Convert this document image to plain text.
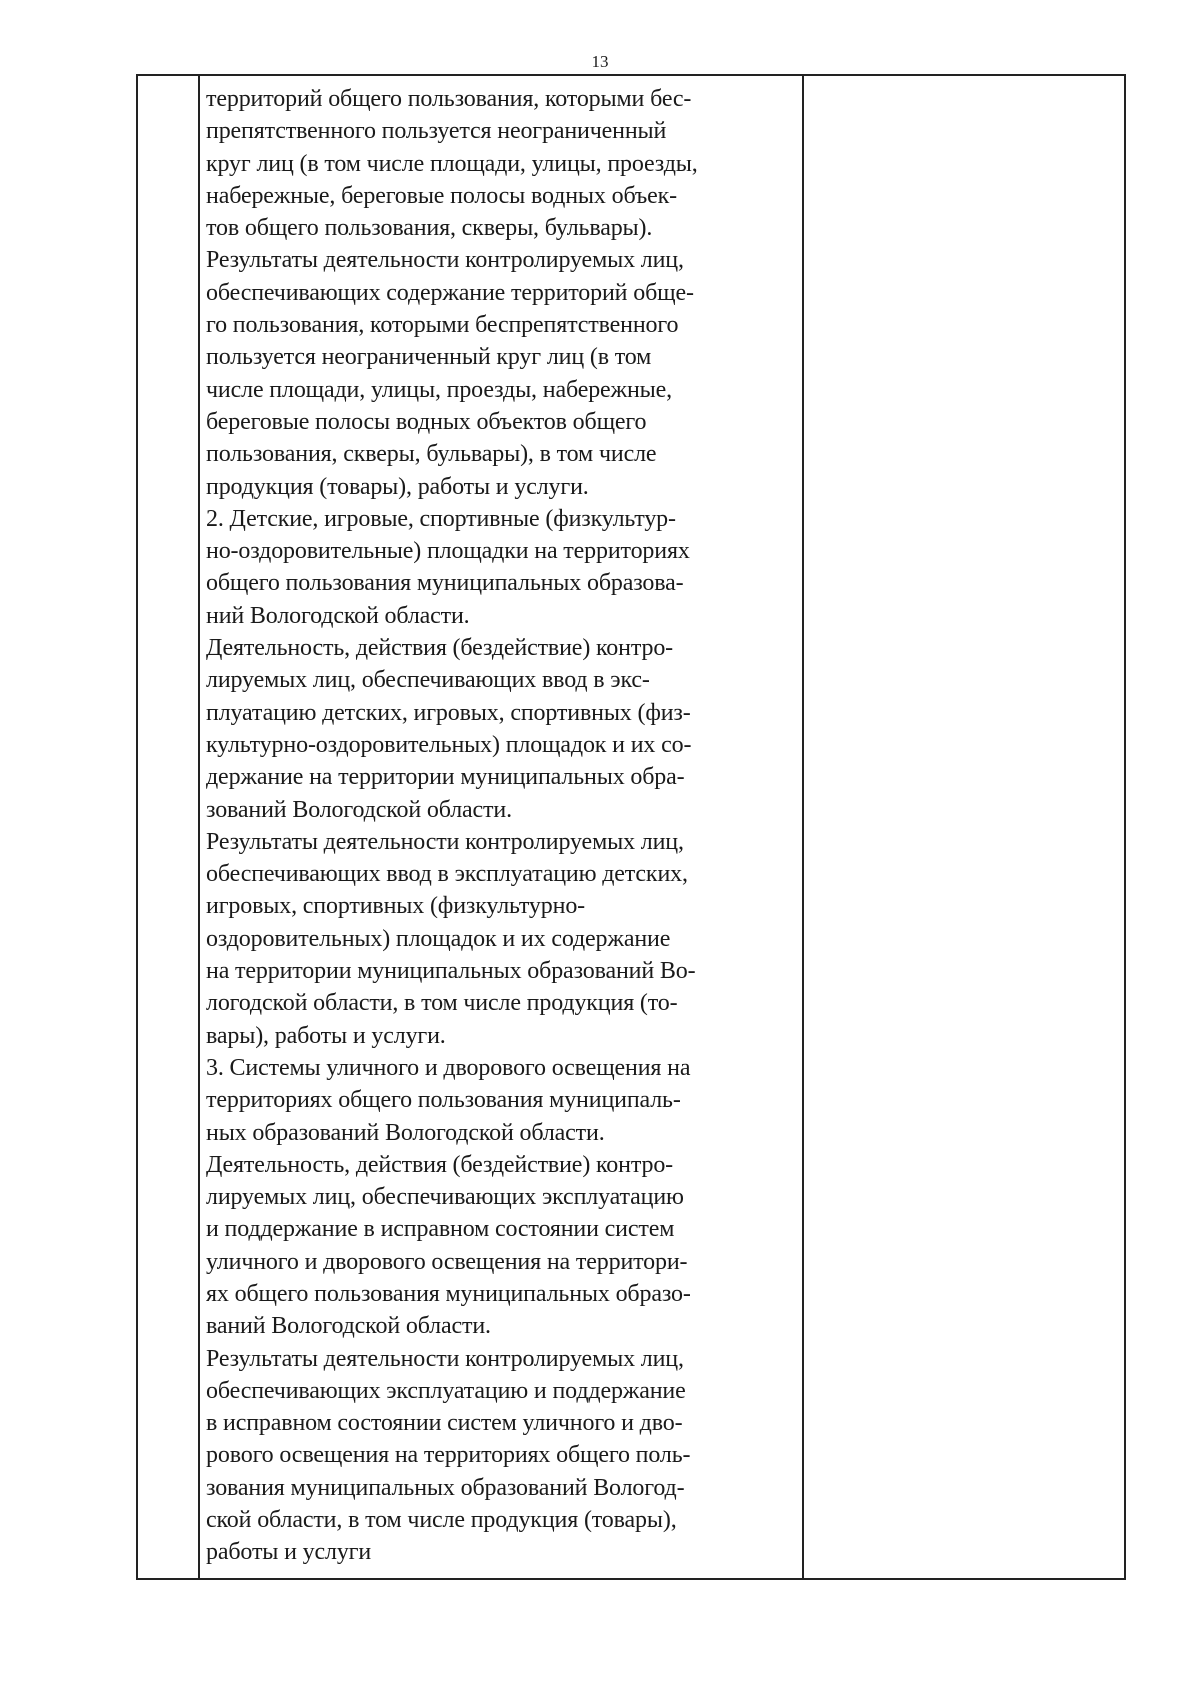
13

территорий общего пользования, которыми бес-
препятственного пользуется неограниченный
круг лиц (в том числе площади, улицы, проезды,
набережные, береговые полосы водных объек-
тов общего пользования, скверы, бульвары).
Результаты деятельности контролируемых лиц,
обеспечивающих содержание территорий обще-
го пользования, которыми беспрепятственного
пользуется неограниченный круг лиц (в том
числе площади, улицы, проезды, набережные,
береговые полосы водных объектов общего
пользования, скверы, бульвары), в том числе
продукция (товары), работы и услуги.
2. Детские, игровые, спортивные (физкультур-
но-оздоровительные) площадки на территориях
общего пользования муниципальных образова-
ний Вологодской области.
Деятельность, действия (бездействие) контро-
лируемых лиц, обеспечивающих ввод в экс-
плуатацию детских, игровых, спортивных (физ-
культурно-оздоровительных) площадок и их со-
держание на территории муниципальных обра-
зований Вологодской области.
Результаты деятельности контролируемых лиц,
обеспечивающих ввод в эксплуатацию детских,
игровых, спортивных (физкультурно-
оздоровительных) площадок и их содержание
на территории муниципальных образований Во-
логодской области, в том числе продукция (то-
вары), работы и услуги.
3. Системы уличного и дворового освещения на
территориях общего пользования муниципаль-
ных образований Вологодской области.
Деятельность, действия (бездействие) контро-
лируемых лиц, обеспечивающих эксплуатацию
и поддержание в исправном состоянии систем
уличного и дворового освещения на территори-
ях общего пользования муниципальных образо-
ваний Вологодской области.
Результаты деятельности контролируемых лиц,
обеспечивающих эксплуатацию и поддержание
в исправном состоянии систем уличного и дво-
рового освещения на территориях общего поль-
зования муниципальных образований Вологод-
ской области, в том числе продукция (товары),
работы и услуги
